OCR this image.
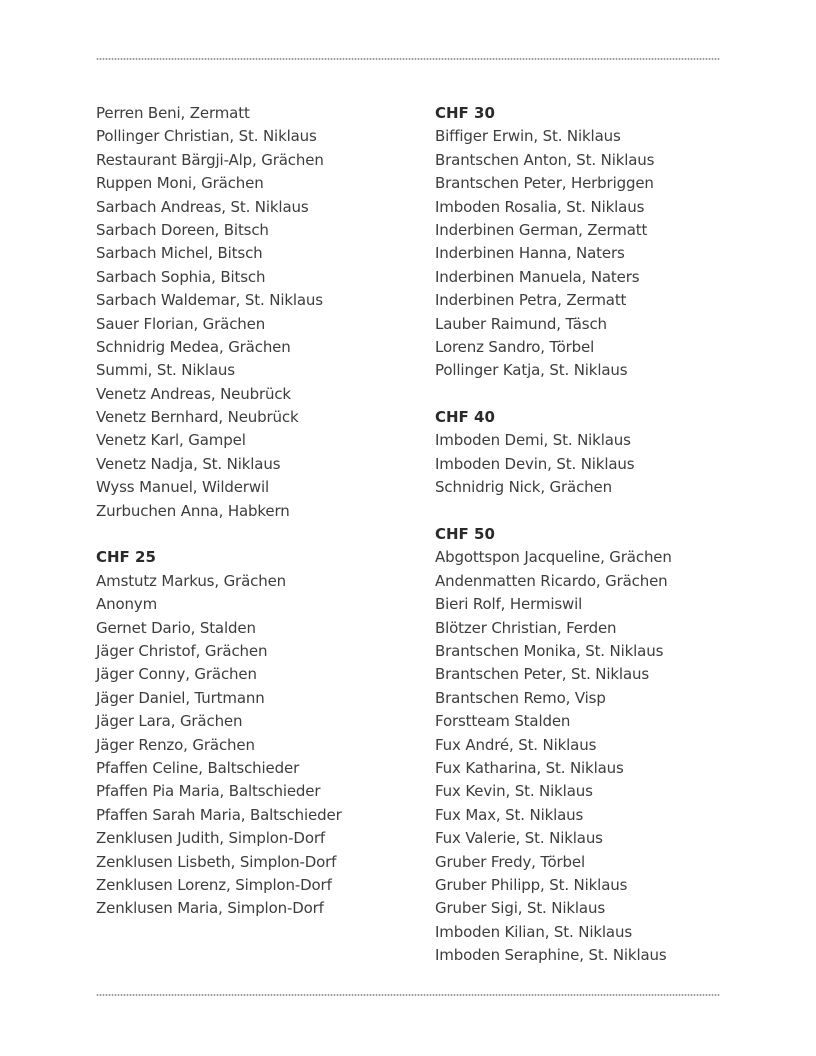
Perren Beni, Zermatt
Pollinger Christian, St. Niklaus
Restaurant Bärgji-Alp, Grächen
Ruppen Moni, Grächen
Sarbach Andreas, St. Niklaus
Sarbach Doreen, Bitsch
Sarbach Michel, Bitsch
Sarbach Sophia, Bitsch
Sarbach Waldemar, St. Niklaus
Sauer Florian, Grächen
Schnidrig Medea, Grächen
Summi, St. Niklaus
Venetz Andreas, Neubrück
Venetz Bernhard, Neubrück
Venetz Karl, Gampel
Venetz Nadja, St. Niklaus
Wyss Manuel, Wilderwil
Zurbuchen Anna, Habkern
CHF 25
Amstutz Markus, Grächen
Anonym
Gernet Dario, Stalden
Jäger Christof, Grächen
Jäger Conny, Grächen
Jäger Daniel, Turtmann
Jäger Lara, Grächen
Jäger Renzo, Grächen
Pfaffen Celine, Baltschieder
Pfaffen Pia Maria, Baltschieder
Pfaffen Sarah Maria, Baltschieder
Zenklusen Judith, Simplon-Dorf
Zenklusen Lisbeth, Simplon-Dorf
Zenklusen Lorenz, Simplon-Dorf
Zenklusen Maria, Simplon-Dorf
CHF 30
Biffiger Erwin, St. Niklaus
Brantschen Anton, St. Niklaus
Brantschen Peter, Herbriggen
Imboden Rosalia, St. Niklaus
Inderbinen German, Zermatt
Inderbinen Hanna, Naters
Inderbinen Manuela, Naters
Inderbinen Petra, Zermatt
Lauber Raimund, Täsch
Lorenz Sandro, Törbel
Pollinger Katja, St. Niklaus
CHF 40
Imboden Demi, St. Niklaus
Imboden Devin, St. Niklaus
Schnidrig Nick, Grächen
CHF 50
Abgottspon Jacqueline, Grächen
Andenmatten Ricardo, Grächen
Bieri Rolf, Hermiswil
Blötzer Christian, Ferden
Brantschen Monika, St. Niklaus
Brantschen Peter, St. Niklaus
Brantschen Remo, Visp
Forstteam Stalden
Fux André, St. Niklaus
Fux Katharina, St. Niklaus
Fux Kevin, St. Niklaus
Fux Max, St. Niklaus
Fux Valerie, St. Niklaus
Gruber Fredy, Törbel
Gruber Philipp, St. Niklaus
Gruber Sigi, St. Niklaus
Imboden Kilian, St. Niklaus
Imboden Seraphine, St. Niklaus
